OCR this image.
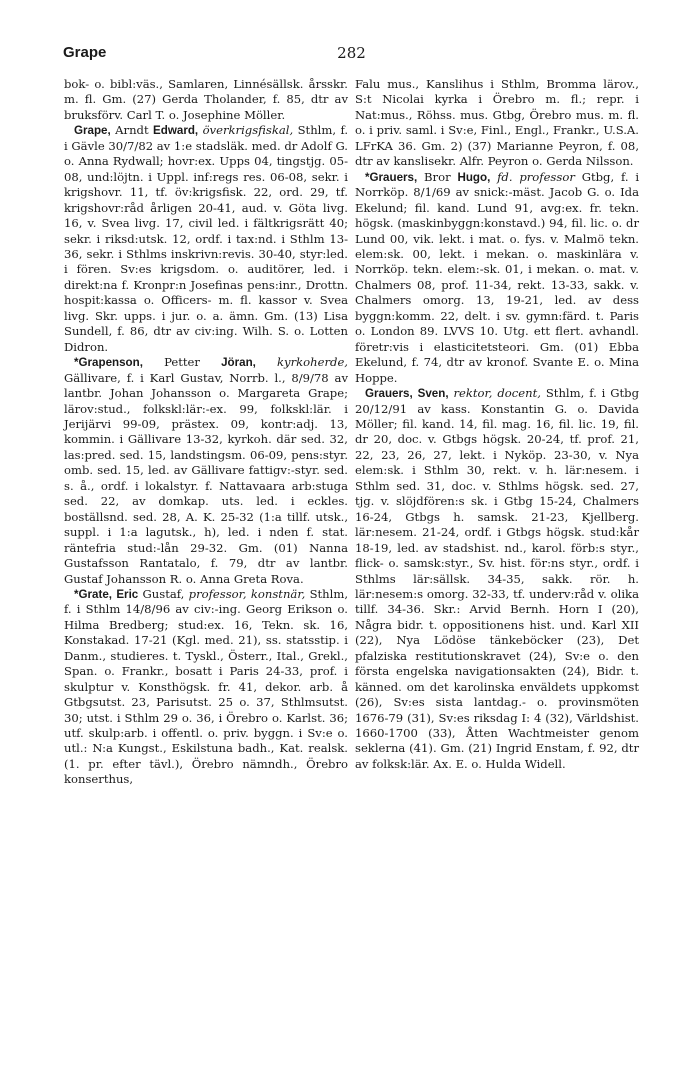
Grape	282

bok- o. bibl:väs., Samlaren, Linnésällsk. årsskr. m. fl. Gm. (27) Gerda Tholander, f. 85, dtr av bruksförv. Carl T. o. Josephine Möller.

Grape, Arndt Edward, överkrigsfiskal, Sthlm, f. i Gävle 30/7/82 av 1:e stadsläk. med. dr Adolf G. o. Anna Rydwall; hovr:ex. Upps 04, tingstjg. 05-08, und:löjtn. i Uppl. inf:regs res. 06-08, sekr. i krigshovr. 11, tf. öv:krigsfisk. 22, ord. 29, tf. krigshovr:råd årligen 20-41, aud. v. Göta livg. 16, v. Svea livg. 17, civil led. i fältkrigsrätt 40; sekr. i riksd:utsk. 12, ordf. i tax:nd. i Sthlm 13-36, sekr. i Sthlms inskrivn:revis. 30-40, styr:led. i fören. Sv:es krigsdom. o. auditörer, led. i direkt:na f. Kronpr:n Josefinas pens:inr., Drottn. hospit:kassa o. Officers- m. fl. kassor v. Svea livg. Skr. upps. i jur. o. a. ämn. Gm. (13) Lisa Sundell, f. 86, dtr av civ:ing. Wilh. S. o. Lotten Didron.

*Grapenson, Petter Jöran, kyrkoherde, Gällivare, f. i Karl Gustav, Norrb. l., 8/9/78 av lantbr. Johan Johansson o. Margareta Grape; lärov:stud., folkskl:lär:-ex. 99, folkskl:lär. i Jerijärvi 99-09, prästex. 09, kontr:adj. 13, kommin. i Gällivare 13-32, kyrkoh. där sed. 32, las:pred. sed. 15, landstingsm. 06-09, pens:styr. omb. sed. 15, led. av Gällivare fattigv:-styr. sed. s. å., ordf. i lokalstyr. f. Nattavaara arb:stuga sed. 22, av domkap. uts. led. i eckles. boställsnd. sed. 28, A. K. 25-32 (1:a tillf. utsk., suppl. i 1:a lagutsk., h), led. i nden f. stat. räntefria stud:-lån 29-32. Gm. (01) Nanna Gustafsson Rantatalo, f. 79, dtr av lantbr. Gustaf Johansson R. o. Anna Greta Rova.

*Grate, Eric Gustaf, professor, konstnär, Sthlm, f. i Sthlm 14/8/96 av civ:-ing. Georg Erikson o. Hilma Bredberg; stud:ex. 16, Tekn. sk. 16, Konstakad. 17-21 (Kgl. med. 21), ss. statsstip. i Danm., studieres. t. Tyskl., Österr., Ital., Grekl., Span. o. Frankr., bosatt i Paris 24-33, prof. i skulptur v. Konsthögsk. fr. 41, dekor. arb. å Gtbgsutst. 23, Parisutst. 25 o. 37, Sthlmsutst. 30; utst. i Sthlm 29 o. 36, i Örebro o. Karlst. 36; utf. skulp:arb. i offentl. o. priv. byggn. i Sv:e o. utl.: N:a Kungst., Eskilstuna badh., Kat. realsk. (1. pr. efter tävl.), Örebro nämndh., Örebro konserthus,

Falu mus., Kanslihus i Sthlm, Bromma lärov., S:t Nicolai kyrka i Örebro m. fl.; repr. i Nat:mus., Röhss. mus. Gtbg, Örebro mus. m. fl. o. i priv. saml. i Sv:e, Finl., Engl., Frankr., U.S.A. LFrKA 36. Gm. 2) (37) Marianne Peyron, f. 08, dtr av kanslisekr. Alfr. Peyron o. Gerda Nilsson.

*Grauers, Bror Hugo, fd. professor Gtbg, f. i Norrköp. 8/1/69 av snick:-mäst. Jacob G. o. Ida Ekelund; fil. kand. Lund 91, avg:ex. fr. tekn. högsk. (maskinbyggn:konstavd.) 94, fil. lic. o. dr Lund 00, vik. lekt. i mat. o. fys. v. Malmö tekn. elem:sk. 00, lekt. i mekan. o. maskinlära v. Norrköp. tekn. elem:-sk. 01, i mekan. o. mat. v. Chalmers 08, prof. 11-34, rekt. 13-33, sakk. v. Chalmers omorg. 13, 19-21, led. av dess byggn:komm. 22, delt. i sv. gymn:färd. t. Paris o. London 89. LVVS 10. Utg. ett flert. avhandl. företr:vis i elasticitetsteori. Gm. (01) Ebba Ekelund, f. 74, dtr av kronof. Svante E. o. Mina Hoppe.

Grauers, Sven, rektor, docent, Sthlm, f. i Gtbg 20/12/91 av kass. Konstantin G. o. Davida Möller; fil. kand. 14, fil. mag. 16, fil. lic. 19, fil. dr 20, doc. v. Gtbgs högsk. 20-24, tf. prof. 21, 22, 23, 26, 27, lekt. i Nyköp. 23-30, v. Nya elem:sk. i Sthlm 30, rekt. v. h. lär:nesem. i Sthlm sed. 31, doc. v. Sthlms högsk. sed. 27, tjg. v. slöjdfören:s sk. i Gtbg 15-24, Chalmers 16-24, Gtbgs h. samsk. 21-23, Kjellberg. lär:nesem. 21-24, ordf. i Gtbgs högsk. stud:kår 18-19, led. av stadshist. nd., karol. förb:s styr., flick- o. samsk:styr., Sv. hist. för:ns styr., ordf. i Sthlms lär:sällsk. 34-35, sakk. rör. h. lär:nesem:s omorg. 32-33, tf. underv:råd v. olika tillf. 34-36. Skr.: Arvid Bernh. Horn I (20), Några bidr. t. oppositionens hist. und. Karl XII (22), Nya Lödöse tänkeböcker (23), Det pfalziska restitutionskravet (24), Sv:e o. den första engelska navigationsakten (24), Bidr. t. känned. om det karolinska enväldets uppkomst (26), Sv:es sista lantdag.- o. provinsmöten 1676-79 (31), Sv:es riksdag I: 4 (32), Världshist. 1660-1700 (33), Åtten Wachtmeister genom seklerna (41). Gm. (21) Ingrid Enstam, f. 92, dtr av folksk:lär. Ax. E. o. Hulda Widell.
